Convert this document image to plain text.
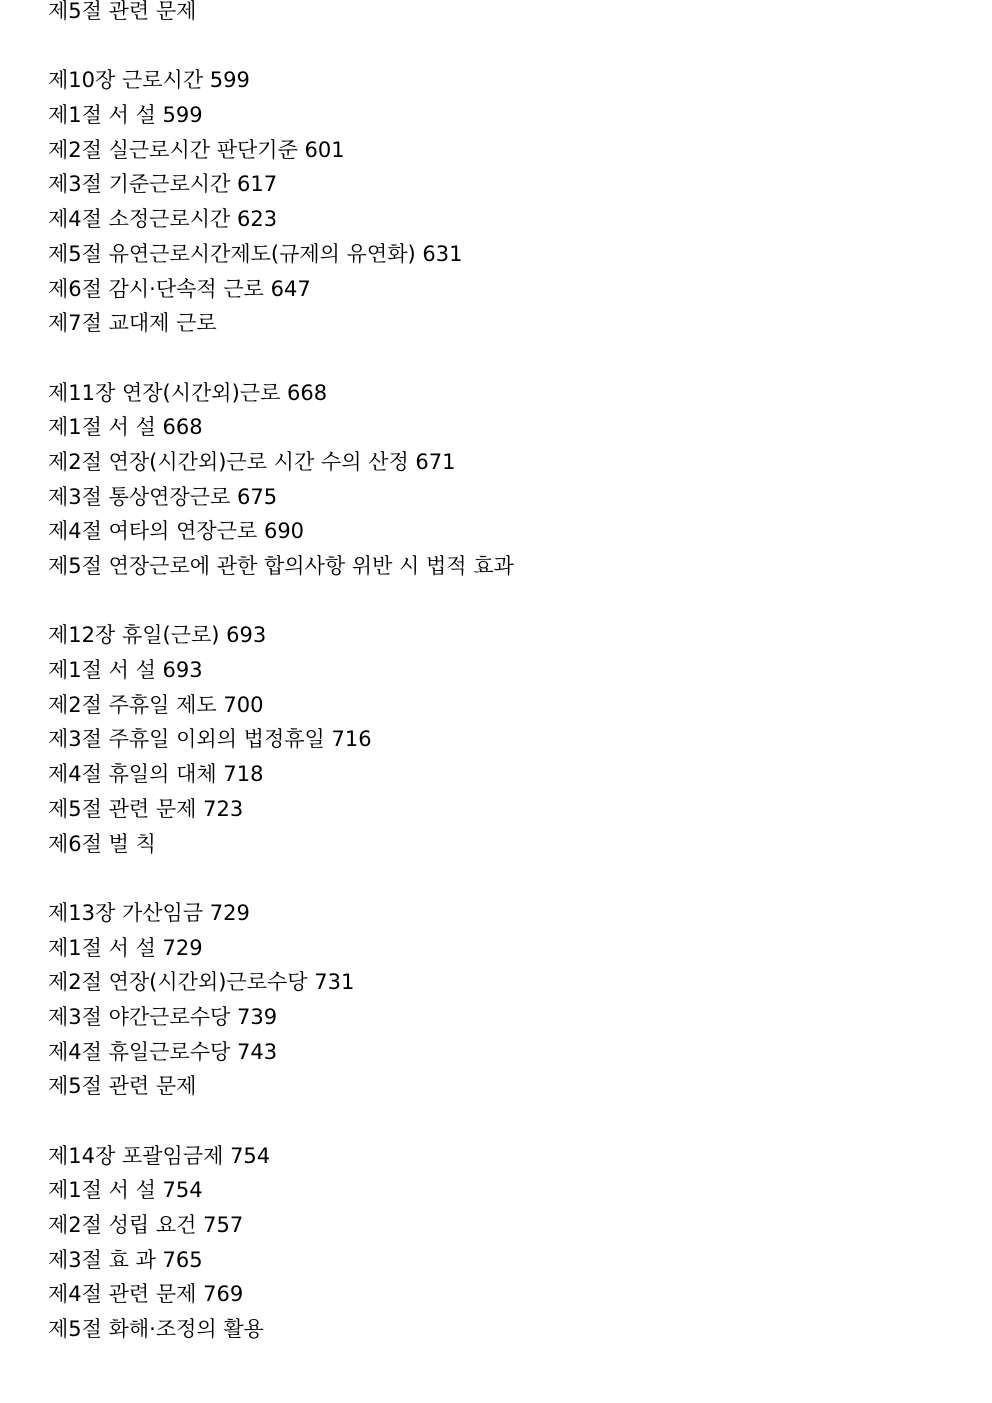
제5절 관련 문제
제10장 근로시간 599
제1절 서 설 599
제2절 실근로시간 판단기준 601
제3절 기준근로시간 617
제4절 소정근로시간 623
제5절 유연근로시간제도(규제의 유연화) 631
제6절 감시·단속적 근로 647
제7절 교대제 근로
제11장 연장(시간외)근로 668
제1절 서 설 668
제2절 연장(시간외)근로 시간 수의 산정 671
제3절 통상연장근로 675
제4절 여타의 연장근로 690
제5절 연장근로에 관한 합의사항 위반 시 법적 효과
제12장 휴일(근로) 693
제1절 서 설 693
제2절 주휴일 제도 700
제3절 주휴일 이외의 법정휴일 716
제4절 휴일의 대체 718
제5절 관련 문제 723
제6절 벌 칙
제13장 가산임금 729
제1절 서 설 729
제2절 연장(시간외)근로수당 731
제3절 야간근로수당 739
제4절 휴일근로수당 743
제5절 관련 문제
제14장 포괄임금제 754
제1절 서 설 754
제2절 성립 요건 757
제3절 효 과 765
제4절 관련 문제 769
제5절 화해·조정의 활용
